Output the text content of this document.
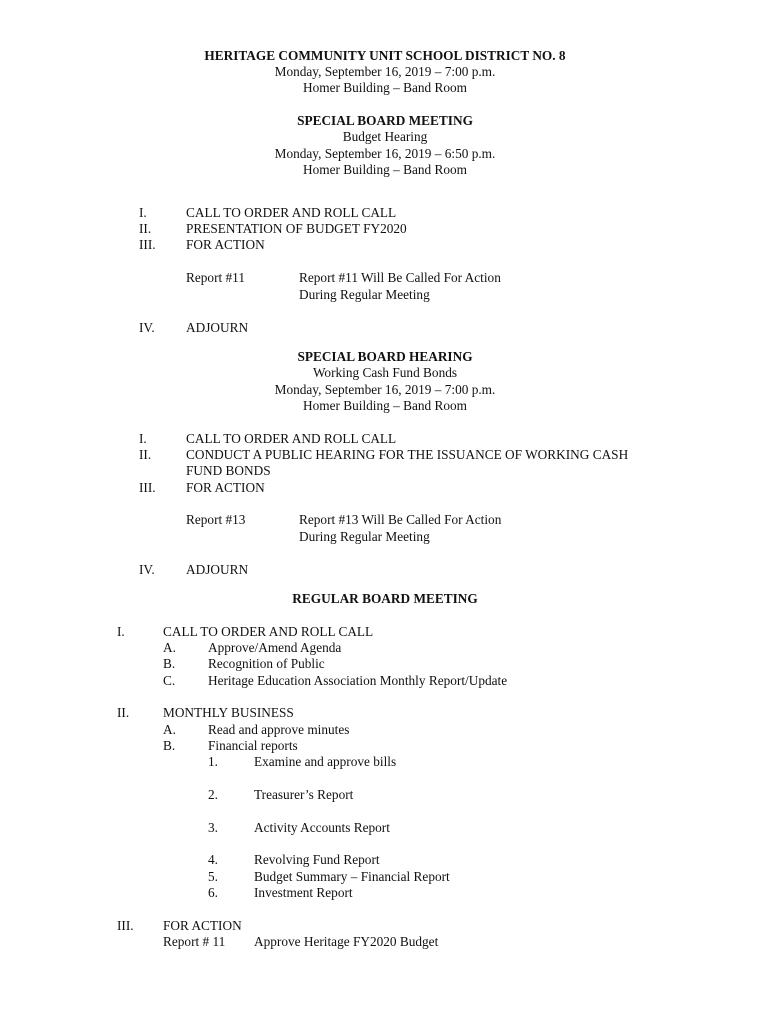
HERITAGE COMMUNITY UNIT SCHOOL DISTRICT NO. 8
Monday, September 16, 2019 – 7:00 p.m.
Homer Building – Band Room
SPECIAL BOARD MEETING
Budget Hearing
Monday, September 16, 2019 – 6:50 p.m.
Homer Building – Band Room
I.	CALL TO ORDER AND ROLL CALL
II.	PRESENTATION OF BUDGET FY2020
III. FOR ACTION
Report #11	Report #11 Will Be Called For Action
During Regular Meeting
IV. ADJOURN
SPECIAL BOARD HEARING
Working Cash Fund Bonds
Monday, September 16, 2019 – 7:00 p.m.
Homer Building – Band Room
I.	CALL TO ORDER AND ROLL CALL
II.	CONDUCT A PUBLIC HEARING FOR THE ISSUANCE OF WORKING CASH
FUND BONDS
III. FOR ACTION
Report #13	Report #13 Will Be Called For Action
During Regular Meeting
IV. ADJOURN
REGULAR BOARD MEETING
I.	CALL TO ORDER AND ROLL CALL
A. Approve/Amend Agenda
B. Recognition of Public
C. Heritage Education Association Monthly Report/Update
II.	MONTHLY BUSINESS
A. Read and approve minutes
B. Financial reports
1.	Examine and approve bills
2.	Treasurer’s Report
3.	Activity Accounts Report
4.	Revolving Fund Report
5.	Budget Summary – Financial Report
6.	Investment Report
III. FOR ACTION
Report # 11 Approve Heritage FY2020 Budget
